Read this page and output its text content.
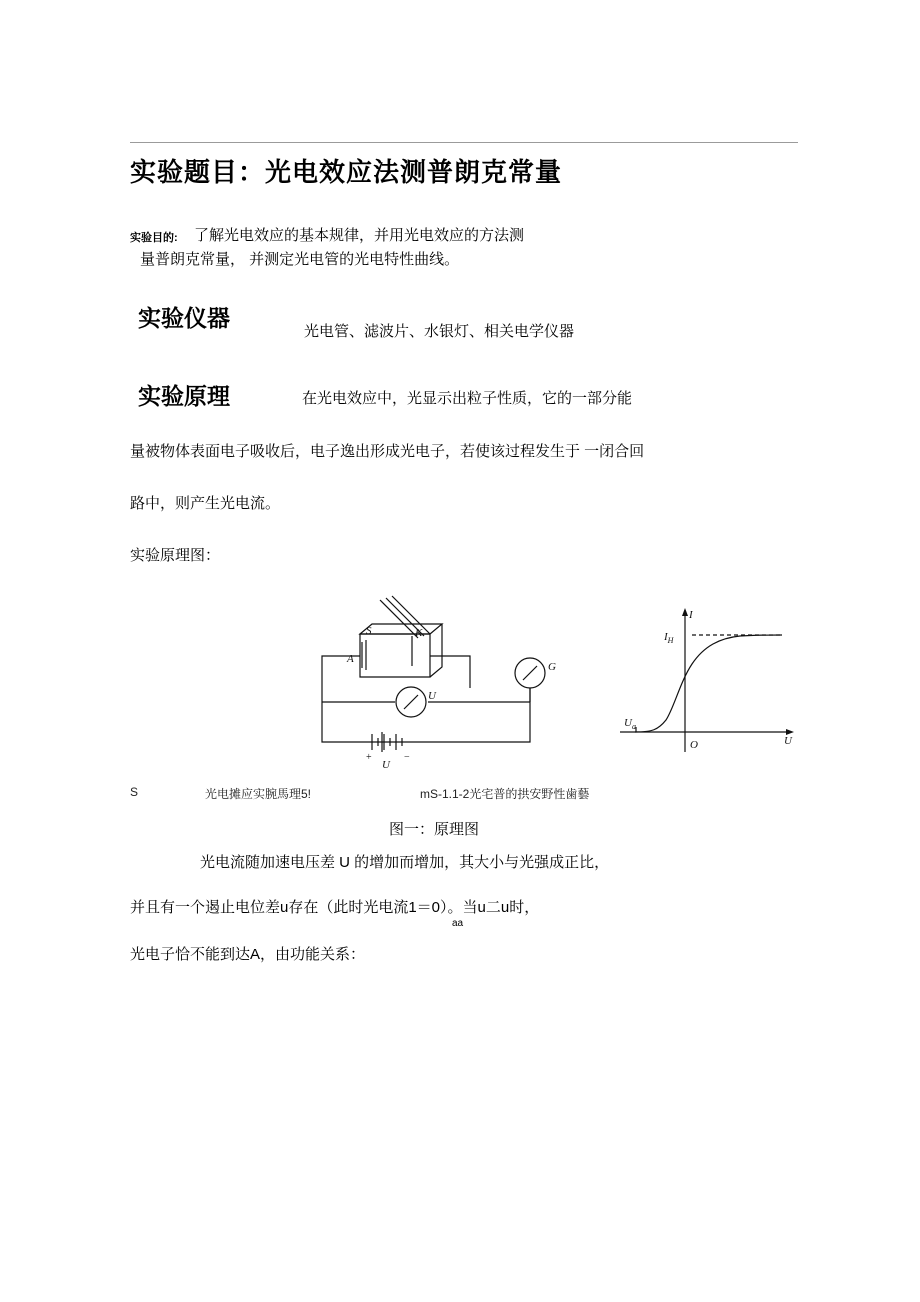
实验题目：光电效应法测普朗克常量
实验目的: 了解光电效应的基本规律，并用光电效应的方法测
量普朗克常量， 并测定光电管的光电特性曲线。
实验仪器
光电管、滤波片、水银灯、相关电学仪器
实验原理	在光电效应中，光显示出粒子性质，它的一部分能
量被物体表面电子吸收后，电子逸出形成光电子，若使该过程发生于 一闭合回
路中，则产生光电流。
实验原理图：
S	K
A
G
U
U
+	−
I
U
$I_H$
$U_a$
O
S	光电摊应实腕馬理5!	mS-1.1-2光宅普的拱安野性歯藝
图一：原理图
光电流随加速电压差 U 的增加而增加，其大小与光强成正比，
并且有一个遏止电位差u存在（此时光电流1＝0）。当u二u时，
aa
光电子恰不能到达A，由功能关系：
